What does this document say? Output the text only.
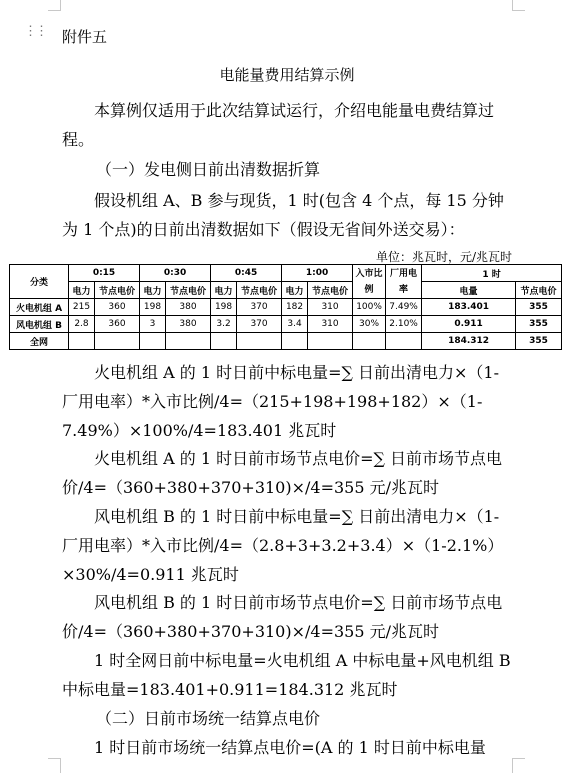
⋮⋮ 附件五
电能量费用结算示例

本算例仅适用于此次结算试运行，介绍电能量电费结算过程。

（一）发电侧日前出清数据折算

假设机组 A、B 参与现货，1 时(包含 4 个点，每 15 分钟为 1 个点)的日前出清数据如下（假设无省间外送交易）：

单位：兆瓦时，元/兆瓦时
分类	0:15		0:30		0:45		1:00		入市比例	厂用电率	1 时	
	电力	节点电价	电力	节点电价	电力	节点电价	电力	节点电价			电量	节点电价
火电机组 A	215	360	198	380	198	370	182	310	100%	7.49%	183.401	355
风电机组 B	2.8	360	3	380	3.2	370	3.4	310	30%	2.10%	0.911	355
全网											184.312	355

火电机组 A 的 1 时日前中标电量=∑ 日前出清电力×（1-厂用电率）*入市比例/4=（215+198+198+182）×（1-7.49%）×100%/4=183.401 兆瓦时

火电机组 A 的 1 时日前市场节点电价=∑ 日前市场节点电价/4=（360+380+370+310)×/4=355 元/兆瓦时

风电机组 B 的 1 时日前中标电量=∑ 日前出清电力×（1-厂用电率）*入市比例/4=（2.8+3+3.2+3.4）×（1-2.1%）×30%/4=0.911 兆瓦时

风电机组 B 的 1 时日前市场节点电价=∑ 日前市场节点电价/4=（360+380+370+310)×/4=355 元/兆瓦时

1 时全网日前中标电量=火电机组 A 中标电量+风电机组 B 中标电量=183.401+0.911=184.312 兆瓦时

（二）日前市场统一结算点电价

1 时日前市场统一结算点电价=(A 的 1 时日前中标电量
